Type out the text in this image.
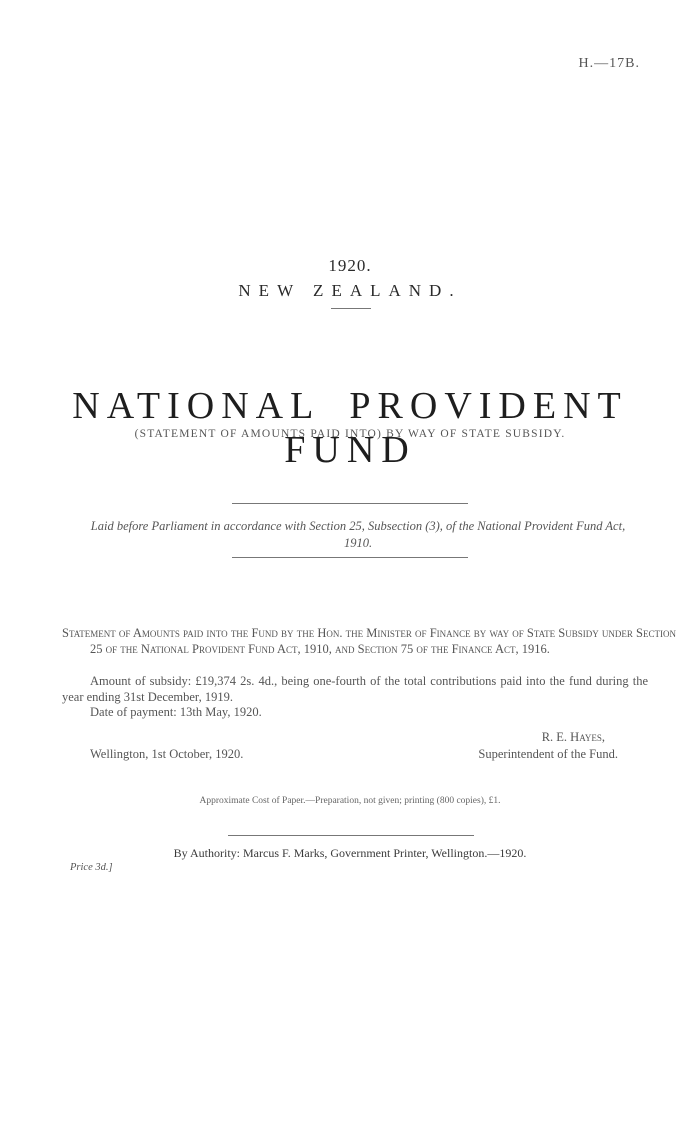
H.—17B.
1920.
NEW ZEALAND.
NATIONAL PROVIDENT FUND
(STATEMENT OF AMOUNTS PAID INTO) BY WAY OF STATE SUBSIDY.
Laid before Parliament in accordance with Section 25, Subsection (3), of the National Provident Fund Act, 1910.
Statement of Amounts paid into the Fund by the Hon. the Minister of Finance by way of State Subsidy under Section 25 of the National Provident Fund Act, 1910, and Section 75 of the Finance Act, 1916.
Amount of subsidy: £19,374 2s. 4d., being one-fourth of the total contributions paid into the fund during the year ending 31st December, 1919.
Date of payment: 13th May, 1920.
R. E. Hayes,
Wellington, 1st October, 1920.	Superintendent of the Fund.
Approximate Cost of Paper.—Preparation, not given; printing (800 copies), £1.
By Authority: Marcus F. Marks, Government Printer, Wellington.—1920.
Price 3d.]
